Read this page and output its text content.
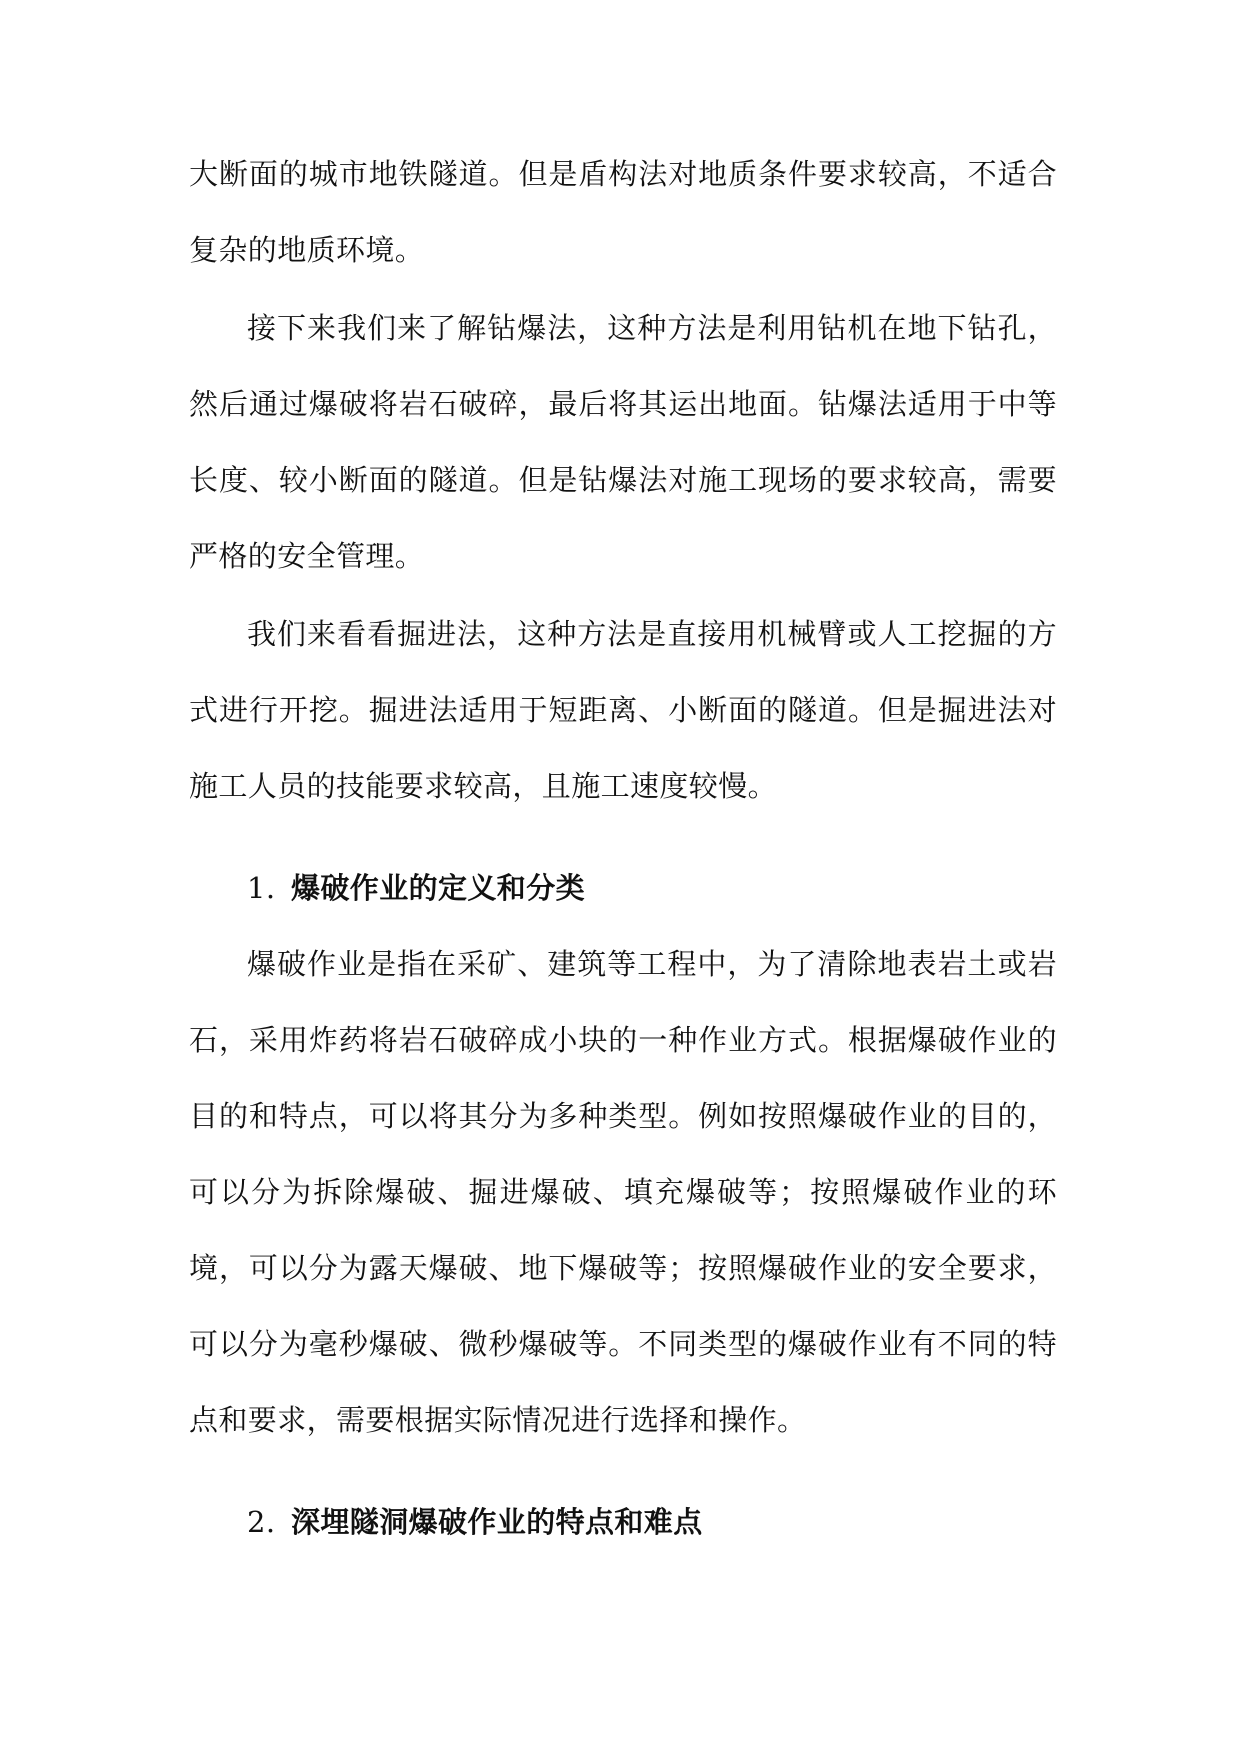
大断面的城市地铁隧道。但是盾构法对地质条件要求较高，不适合复杂的地质环境。

接下来我们来了解钻爆法，这种方法是利用钻机在地下钻孔，然后通过爆破将岩石破碎，最后将其运出地面。钻爆法适用于中等长度、较小断面的隧道。但是钻爆法对施工现场的要求较高，需要严格的安全管理。

我们来看看掘进法，这种方法是直接用机械臂或人工挖掘的方式进行开挖。掘进法适用于短距离、小断面的隧道。但是掘进法对施工人员的技能要求较高，且施工速度较慢。

1. 爆破作业的定义和分类

爆破作业是指在采矿、建筑等工程中，为了清除地表岩土或岩石，采用炸药将岩石破碎成小块的一种作业方式。根据爆破作业的目的和特点，可以将其分为多种类型。例如按照爆破作业的目的，可以分为拆除爆破、掘进爆破、填充爆破等；按照爆破作业的环境，可以分为露天爆破、地下爆破等；按照爆破作业的安全要求，可以分为毫秒爆破、微秒爆破等。不同类型的爆破作业有不同的特点和要求，需要根据实际情况进行选择和操作。

2. 深埋隧洞爆破作业的特点和难点
